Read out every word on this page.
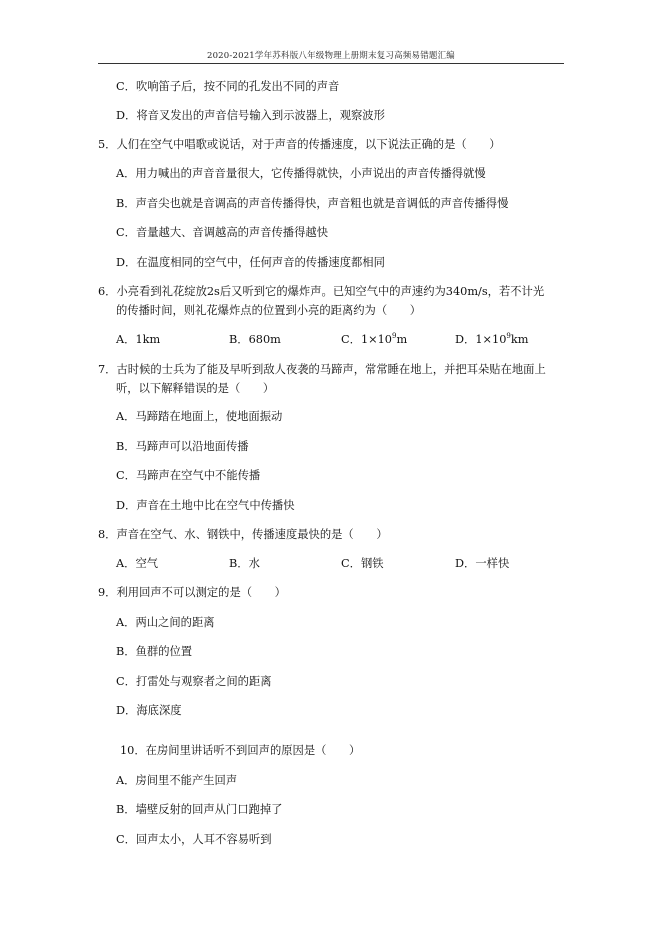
2020-2021学年苏科版八年级物理上册期末复习高频易错题汇编
C．吹响笛子后，按不同的孔发出不同的声音
D．将音叉发出的声音信号输入到示波器上，观察波形
5．人们在空气中唱歌或说话，对于声音的传播速度，以下说法正确的是（　　）
A．用力喊出的声音音量很大，它传播得就快，小声说出的声音传播得就慢
B．声音尖也就是音调高的声音传播得快，声音粗也就是音调低的声音传播得慢
C．音量越大、音调越高的声音传播得越快
D．在温度相同的空气中，任何声音的传播速度都相同
6．小亮看到礼花绽放2s后又听到它的爆炸声。已知空气中的声速约为340m/s，若不计光
的传播时间，则礼花爆炸点的位置到小亮的距离约为（　　）
A．1km	B．680m	C．$1\times 10^9m$	D．$1\times 10^9km$
7．古时候的士兵为了能及早听到敌人夜袭的马蹄声，常常睡在地上，并把耳朵贴在地面上
听，以下解释错误的是（　　）
A．马蹄踏在地面上，使地面振动
B．马蹄声可以沿地面传播
C．马蹄声在空气中不能传播
D．声音在土地中比在空气中传播快
8．声音在空气、水、钢铁中，传播速度最快的是（　　）
A．空气	B．水	C．钢铁	D．一样快
9．利用回声不可以测定的是（　　）
A．两山之间的距离
B．鱼群的位置
C．打雷处与观察者之间的距离
D．海底深度
10．在房间里讲话听不到回声的原因是（　　）
A．房间里不能产生回声
B．墙壁反射的回声从门口跑掉了
C．回声太小，人耳不容易听到
